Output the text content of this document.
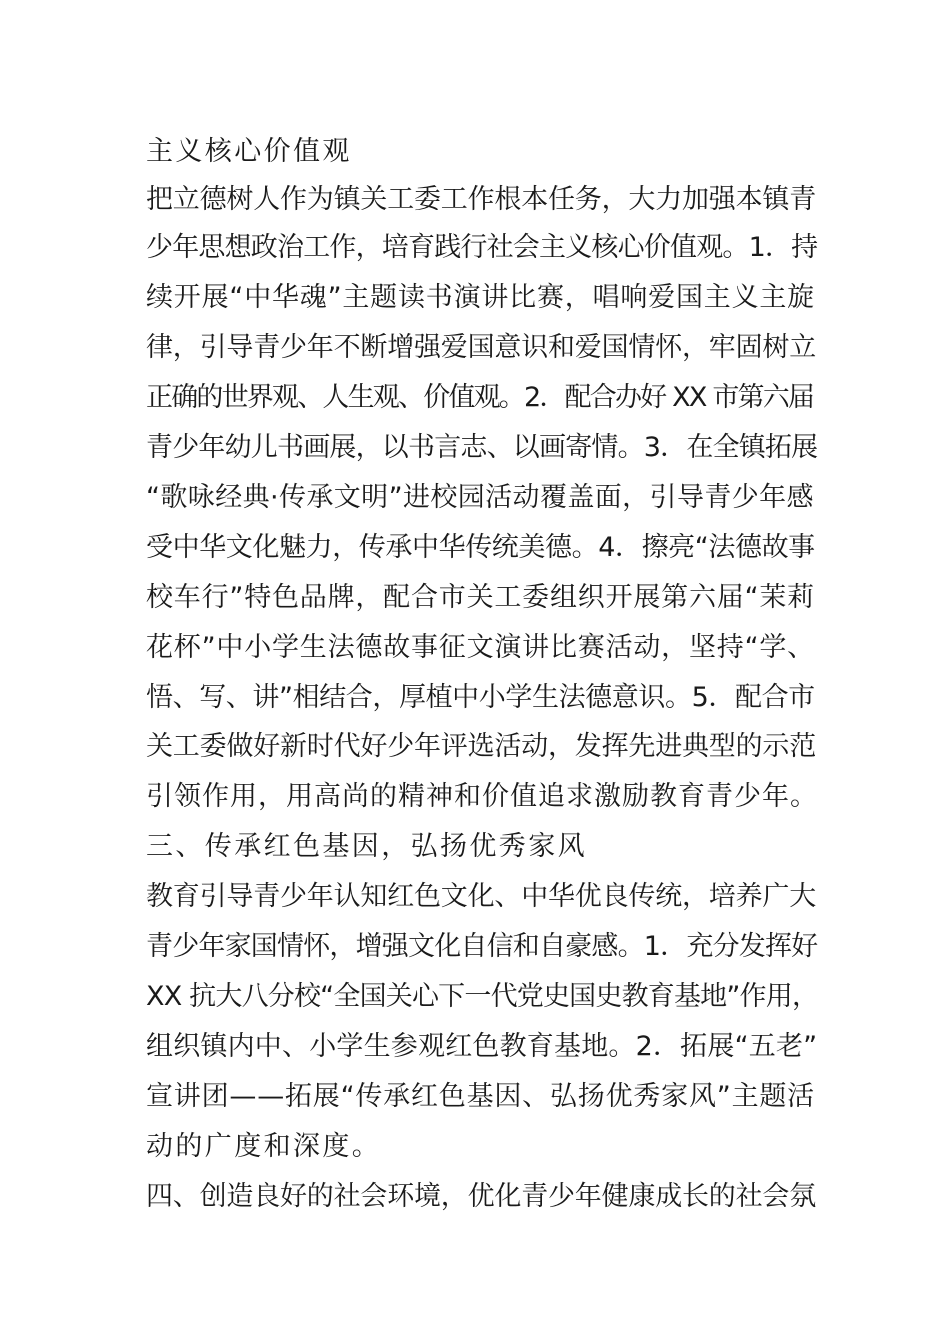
主义核心价值观
把立德树人作为镇关工委工作根本任务，大力加强本镇青
少年思想政治工作，培育践行社会主义核心价值观。1．持
续开展“中华魂”主题读书演讲比赛，唱响爱国主义主旋
律，引导青少年不断增强爱国意识和爱国情怀，牢固树立
正确的世界观、人生观、价值观。2．配合办好 XX 市第六届
青少年幼儿书画展，以书言志、以画寄情。3．在全镇拓展
“歌咏经典·传承文明”进校园活动覆盖面，引导青少年感
受中华文化魅力，传承中华传统美德。4．擦亮“法德故事
校车行”特色品牌，配合市关工委组织开展第六届“茉莉
花杯”中小学生法德故事征文演讲比赛活动，坚持“学、
悟、写、讲”相结合，厚植中小学生法德意识。5．配合市
关工委做好新时代好少年评选活动，发挥先进典型的示范
引领作用，用高尚的精神和价值追求激励教育青少年。
三、传承红色基因，弘扬优秀家风
教育引导青少年认知红色文化、中华优良传统，培养广大
青少年家国情怀，增强文化自信和自豪感。1．充分发挥好
XX 抗大八分校“全国关心下一代党史国史教育基地”作用，
组织镇内中、小学生参观红色教育基地。2．拓展“五老”
宣讲团——拓展“传承红色基因、弘扬优秀家风”主题活
动的广度和深度。
四、创造良好的社会环境，优化青少年健康成长的社会氛
